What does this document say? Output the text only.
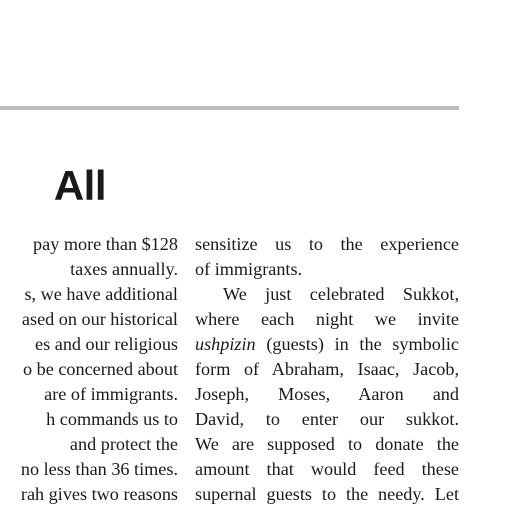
All
pay more than $128
taxes annually.
s, we have additional
ased on our historical
es and our religious
o be concerned about
are of immigrants.
h commands us to
and protect the
no less than 36 times.
rah gives two reasons
sensitize us to the experience
of immigrants.
We just celebrated Sukkot,
where each night we invite
ushpizin (guests) in the symbolic
form of Abraham, Isaac, Jacob,
Joseph, Moses, Aaron and
David, to enter our sukkot.
We are supposed to donate the
amount that would feed these
supernal guests to the needy. Let
